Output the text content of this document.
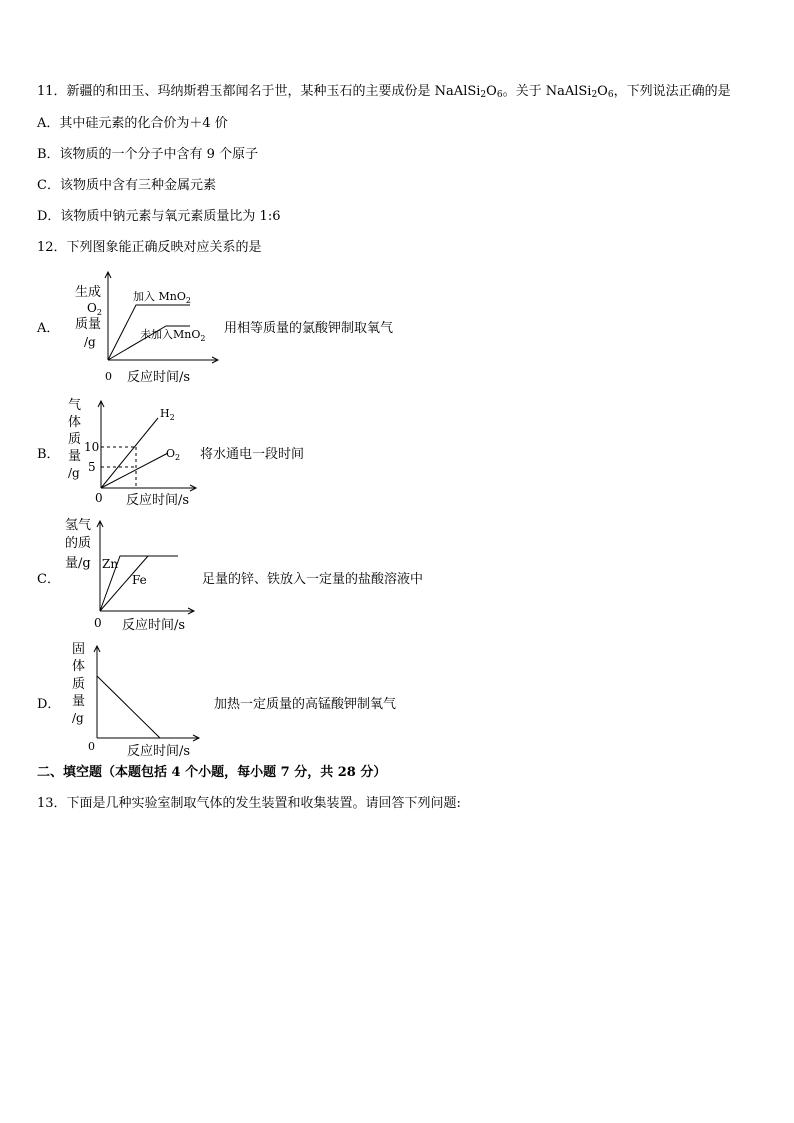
11．新疆的和田玉、玛纳斯碧玉都闻名于世，某种玉石的主要成份是 $NaAlSi_2O_6$。关于 $NaAlSi_2O_6$，下列说法正确的是
A．其中硅元素的化合价为＋4 价
B．该物质的一个分子中含有 9 个原子
C．该物质中含有三种金属元素
D．该物质中钠元素与氧元素质量比为 1:6
12．下列图象能正确反映对应关系的是
A．
生成
$O_2$
质量
/g
加入 MnO$_2$
未加入MnO$_2$
0 反应时间/s
用相等质量的氯酸钾制取氧气
B．
气
体
质
量
/g
10
5
$H_2$
$O_2$
0 反应时间/s
将水通电一段时间
C．
氢气
的质
量/g Zn
Fe
0 反应时间/s
足量的锌、铁放入一定量的盐酸溶液中
D．
固
体
质
量
/g
0 反应时间/s
加热一定质量的高锰酸钾制氧气
二、填空题（本题包括 4 个小题，每小题 7 分，共 28 分）
13．下面是几种实验室制取气体的发生装置和收集装置。请回答下列问题:
